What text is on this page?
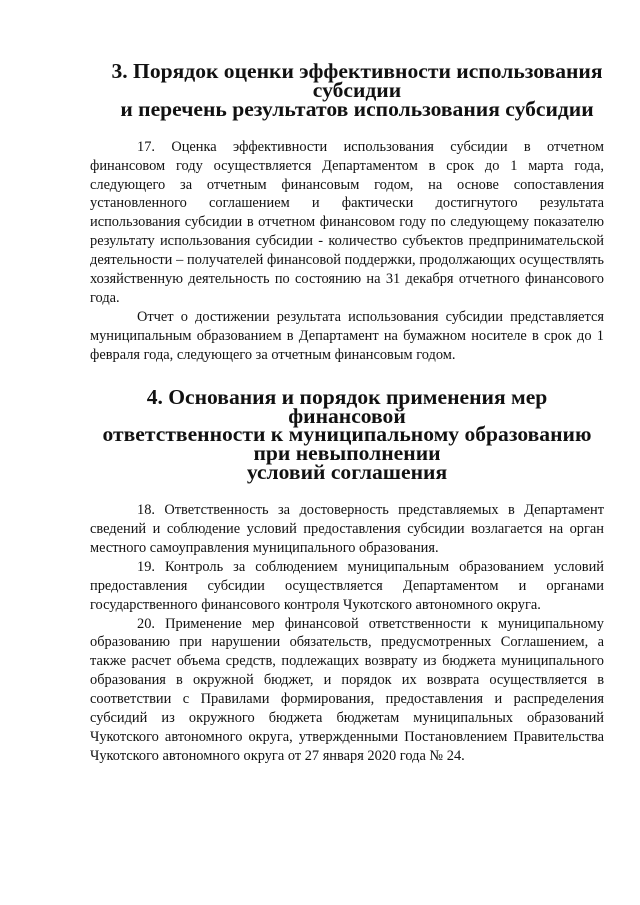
3. Порядок оценки эффективности использования субсидии
и перечень результатов использования субсидии

17. Оценка эффективности использования субсидии в отчетном финансовом году осуществляется Департаментом в срок до 1 марта года, следующего за отчетным финансовым годом, на основе сопоставления установленного соглашением и фактически достигнутого результата использования субсидии в отчетном финансовом году по следующему показателю результату использования субсидии - количество субъектов предпринимательской деятельности – получателей финансовой поддержки, продолжающих осуществлять хозяйственную деятельность по состоянию на 31 декабря отчетного финансового года.

Отчет о достижении результата использования субсидии представляется муниципальным образованием в Департамент на бумажном носителе в срок до 1 февраля года, следующего за отчетным финансовым годом.

4. Основания и порядок применения мер финансовой
ответственности к муниципальному образованию при невыполнении
условий соглашения

18. Ответственность за достоверность представляемых в Департамент сведений и соблюдение условий предоставления субсидии возлагается на орган местного самоуправления муниципального образования.

19. Контроль за соблюдением муниципальным образованием условий предоставления субсидии осуществляется Департаментом и органами государственного финансового контроля Чукотского автономного округа.

20. Применение мер финансовой ответственности к муниципальному образованию при нарушении обязательств, предусмотренных Соглашением, а также расчет объема средств, подлежащих возврату из бюджета муниципального образования в окружной бюджет, и порядок их возврата осуществляется в соответствии с Правилами формирования, предоставления и распределения субсидий из окружного бюджета бюджетам муниципальных образований Чукотского автономного округа, утвержденными Постановлением Правительства Чукотского автономного округа от 27 января 2020 года № 24.
